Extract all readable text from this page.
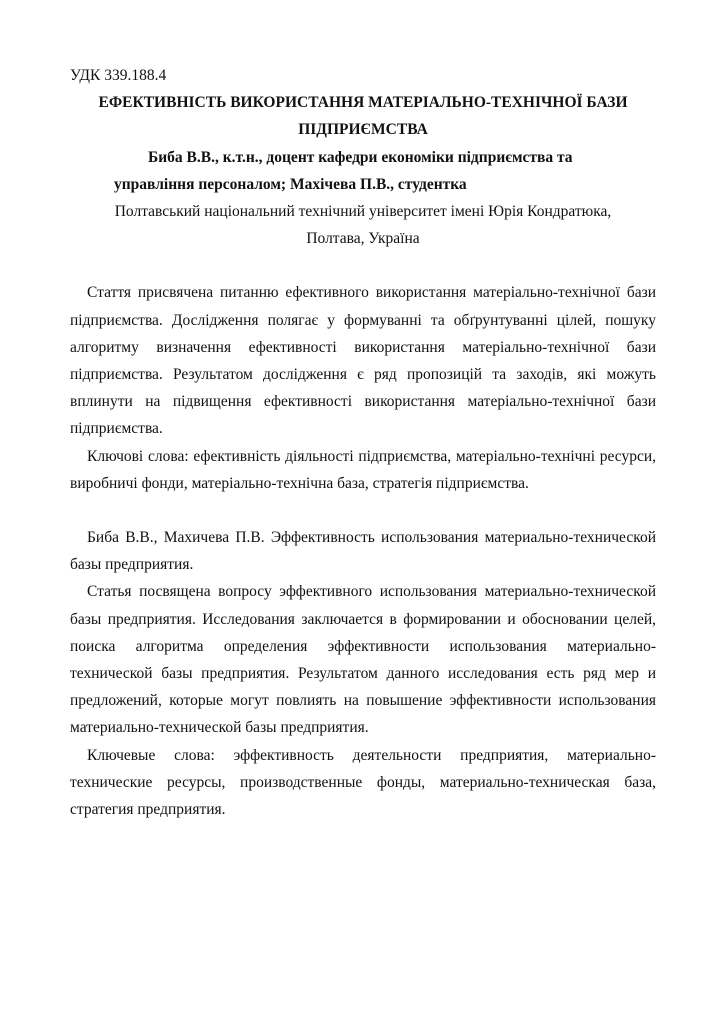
УДК 339.188.4

ЕФЕКТИВНІСТЬ ВИКОРИСТАННЯ МАТЕРІАЛЬНО-ТЕХНІЧНОЇ БАЗИ

ПІДПРИЄМСТВА

Биба В.В., к.т.н., доцент кафедри економіки підприємства та

управління персоналом; Махічева П.В., студентка

Полтавський національний технічний університет імені Юрія Кондратюка,

Полтава, Україна

Стаття присвячена питанню ефективного використання матеріально-технічної бази підприємства. Дослідження полягає у формуванні та обґрунтуванні цілей, пошуку алгоритму визначення ефективності використання матеріально-технічної бази підприємства. Результатом дослідження є ряд пропозицій та заходів, які можуть вплинути на підвищення ефективності використання матеріально-технічної бази підприємства.

Ключові слова: ефективність діяльності підприємства, матеріально-технічні ресурси, виробничі фонди, матеріально-технічна база, стратегія підприємства.

Биба В.В., Махичева П.В. Эффективность использования материально-технической базы предприятия.

Статья посвящена вопросу эффективного использования материально-технической базы предприятия. Исследования заключается в формировании и обосновании целей, поиска алгоритма определения эффективности использования материально-технической базы предприятия. Результатом данного исследования есть ряд мер и предложений, которые могут повлиять на повышение эффективности использования материально-технической базы предприятия.

Ключевые слова: эффективность деятельности предприятия, материально-технические ресурсы, производственные фонды, материально-техническая база, стратегия предприятия.
